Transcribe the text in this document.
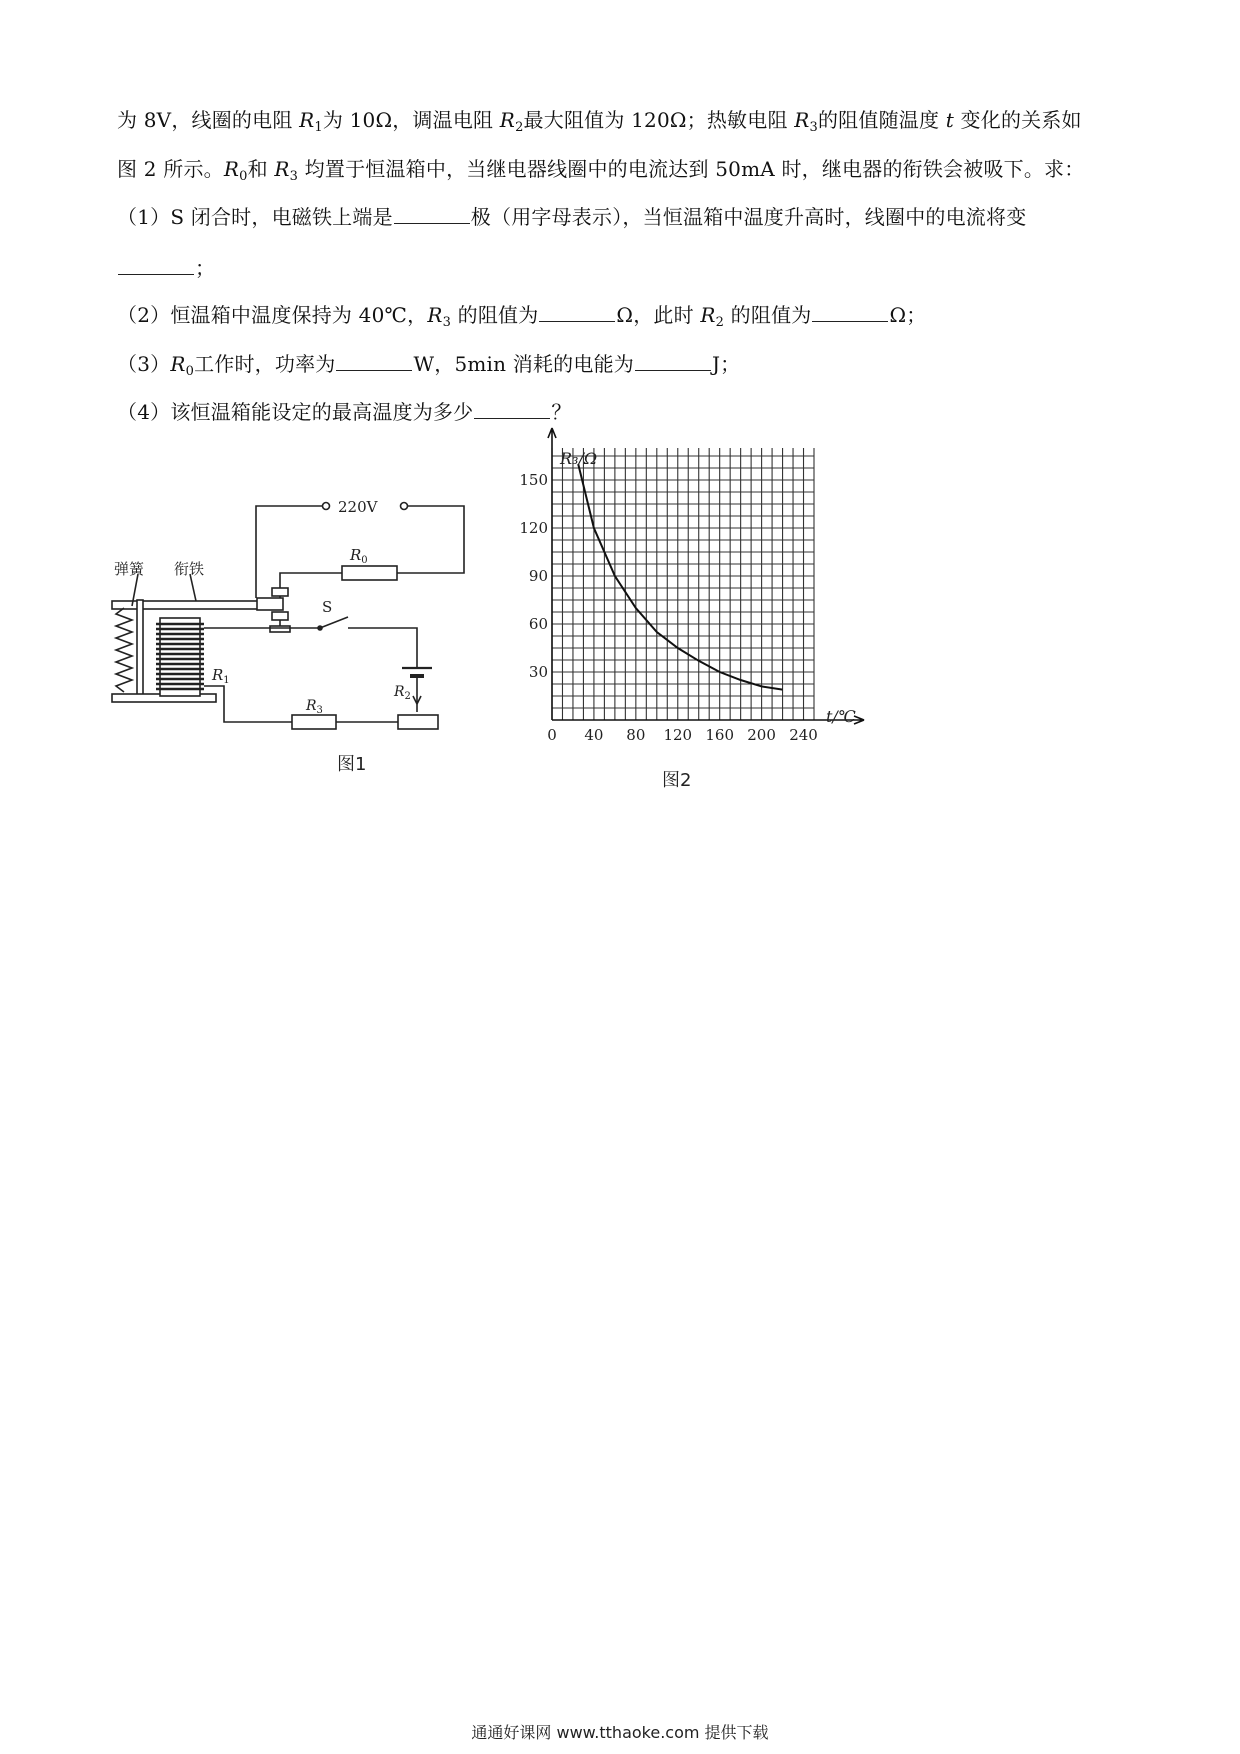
为 8V，线圈的电阻 $R_1$为 10Ω，调温电阻 $R_2$最大阻值为 120Ω；热敏电阻 $R_3$的阻值随温度 t 变化的关系如
图 2 所示。$R_0$和 $R_3$ 均置于恒温箱中，当继电器线圈中的电流达到 50mA 时，继电器的衔铁会被吸下。求：
（1）S 闭合时，电磁铁上端是	极（用字母表示），当恒温箱中温度升高时，线圈中的电流将变
；
（2）恒温箱中温度保持为 40℃，$R_3$ 的阻值为	Ω，此时 $R_2$ 的阻值为	Ω；
$(3)R_0$工作时，功率为	W，5min 消耗的电能为	J；
（4）该恒温箱能设定的最高温度为多少	？
220V
弹簧 衔铁
$R_0$
$R_1$
$R_3$
$R_2$
S
图1
0 40 80 120 160 200 240
30
60
90
120
150
R₃/Ω
t/℃
图2
通通好课网 www.tthaoke.com 提供下载
